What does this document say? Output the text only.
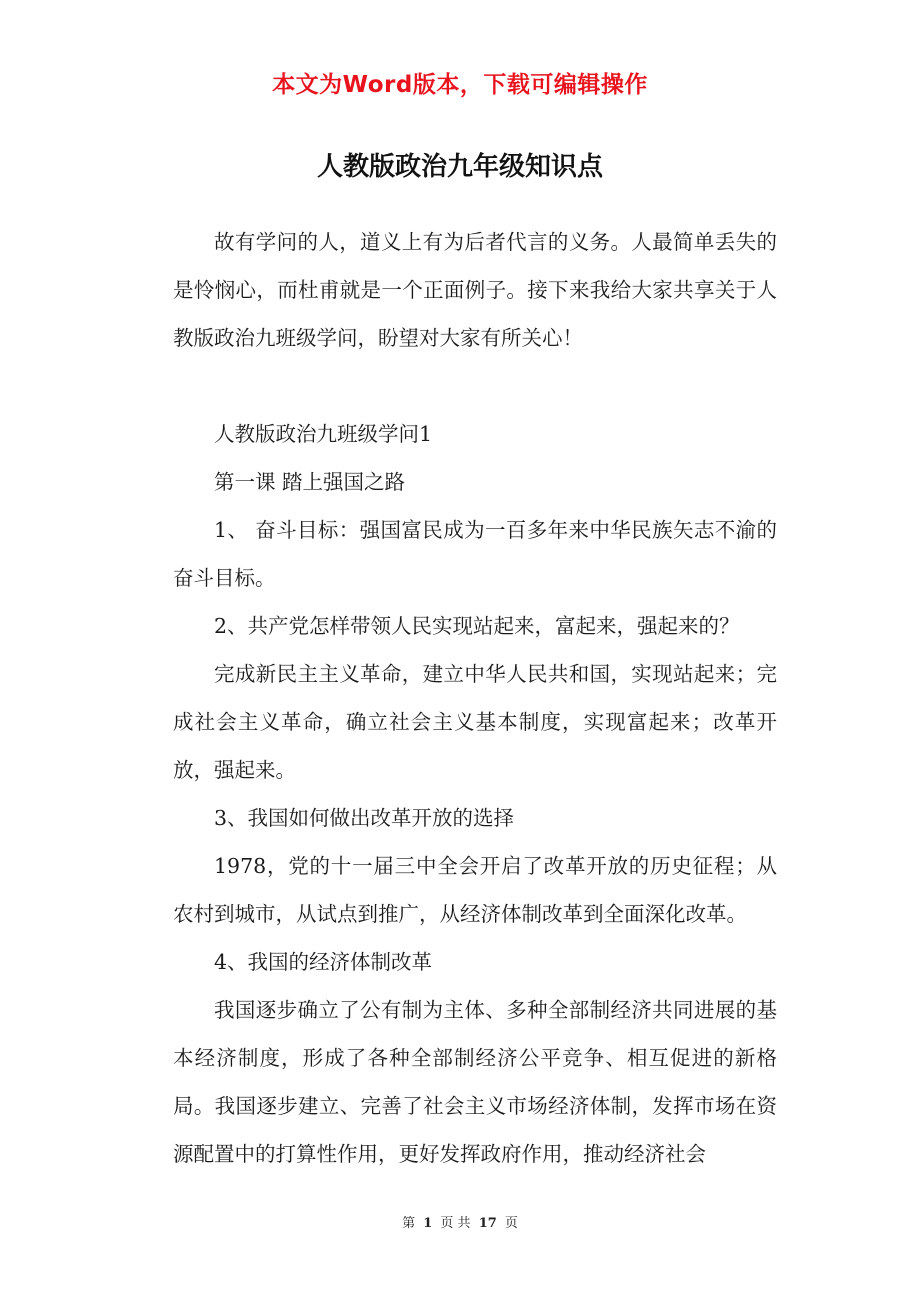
本文为Word版本，下载可编辑操作
人教版政治九年级知识点

故有学问的人，道义上有为后者代言的义务。人最简单丢失的是怜悯心，而杜甫就是一个正面例子。接下来我给大家共享关于人教版政治九班级学问，盼望对大家有所关心！

人教版政治九班级学问1

第一课 踏上强国之路

1、 奋斗目标：强国富民成为一百多年来中华民族矢志不渝的奋斗目标。

2、共产党怎样带领人民实现站起来，富起来，强起来的？

完成新民主主义革命，建立中华人民共和国，实现站起来；完成社会主义革命，确立社会主义基本制度，实现富起来；改革开放，强起来。

3、我国如何做出改革开放的选择

1978，党的十一届三中全会开启了改革开放的历史征程；从农村到城市，从试点到推广，从经济体制改革到全面深化改革。

4、我国的经济体制改革

我国逐步确立了公有制为主体、多种全部制经济共同进展的基本经济制度，形成了各种全部制经济公平竞争、相互促进的新格局。我国逐步建立、完善了社会主义市场经济体制，发挥市场在资源配置中的打算性作用，更好发挥政府作用，推动经济社会

第 1 页 共 17 页
